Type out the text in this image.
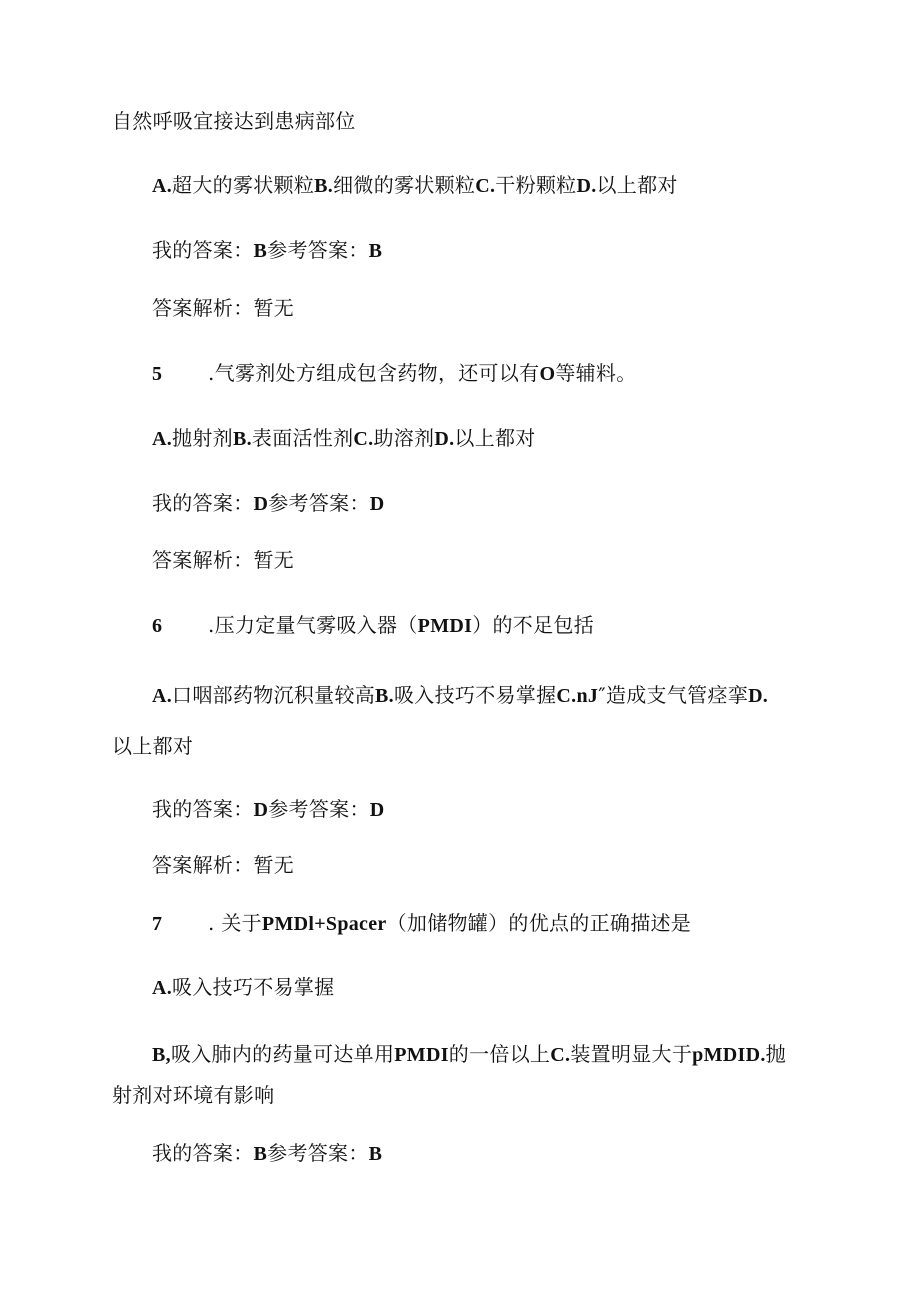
自然呼吸宜接达到患病部位
A.超大的雾状颗粒B.细微的雾状颗粒C.干粉颗粒D.以上都对
我的答案：B参考答案：B
答案解析：暂无
5 .气雾剂处方组成包含药物，还可以有O等辅料。
A.抛射剂B.表面活性剂C.助溶剂D.以上都对
我的答案：D参考答案：D
答案解析：暂无
6 .压力定量气雾吸入器（PMDI）的不足包括
A.口咽部药物沉积量较高B.吸入技巧不易掌握C.nJ″造成支气管痉挛D.
以上都对
我的答案：D参考答案：D
答案解析：暂无
7 . 关于PMDl+Spacer（加储物罐）的优点的正确描述是
A.吸入技巧不易掌握
B,吸入肺内的药量可达单用PMDI的一倍以上C.装置明显大于pMDID.抛
射剂对环境有影响
我的答案：B参考答案：B
